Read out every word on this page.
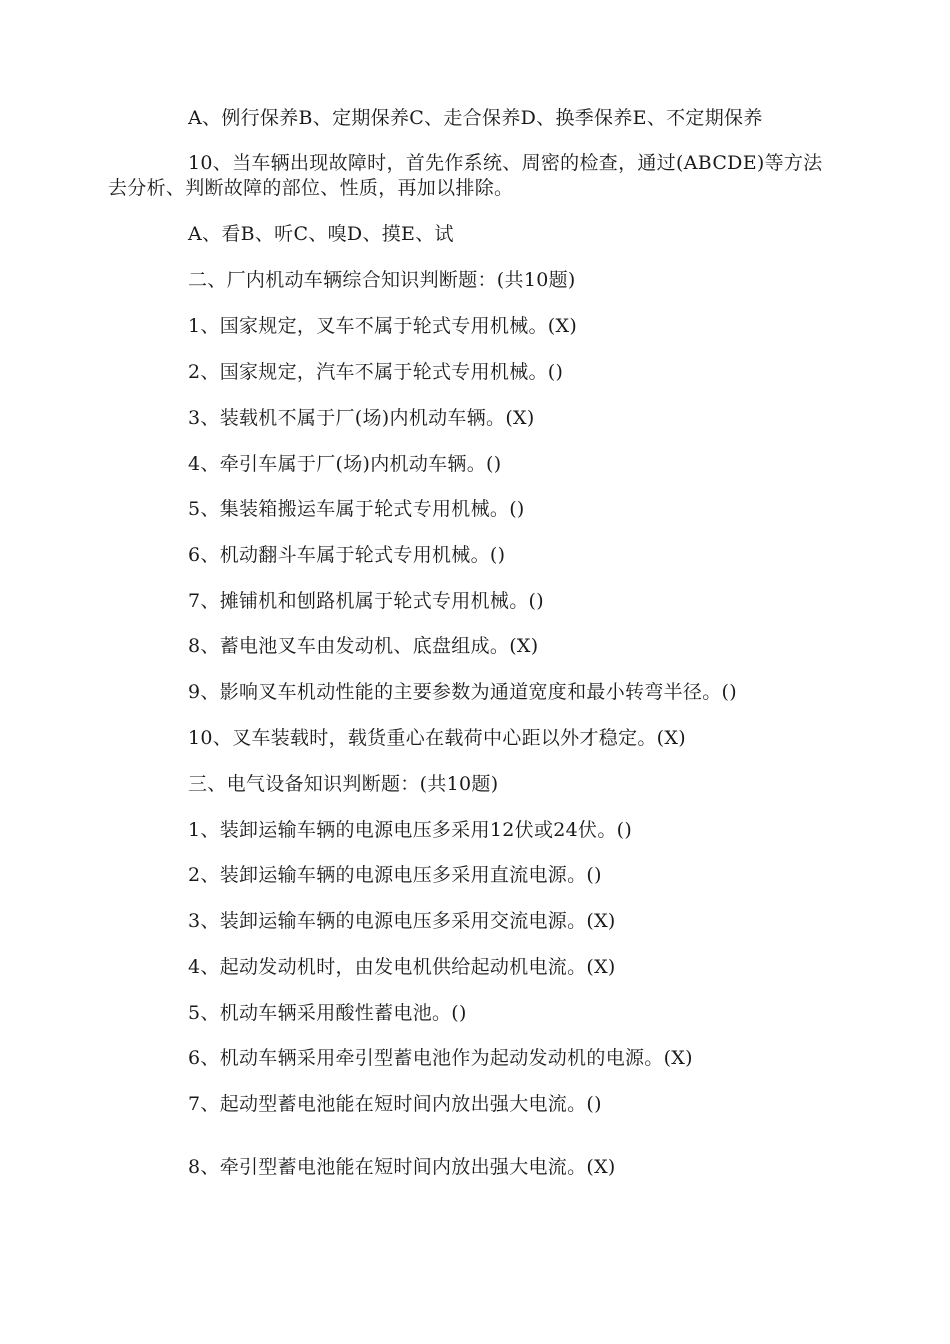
A、例行保养B、定期保养C、走合保养D、换季保养E、不定期保养
10、当车辆出现故障时，首先作系统、周密的检查，通过(ABCDE)等方法去分析、判断故障的部位、性质，再加以排除。
A、看B、听C、嗅D、摸E、试
二、厂内机动车辆综合知识判断题：(共10题)
1、国家规定，叉车不属于轮式专用机械。(X)
2、国家规定，汽车不属于轮式专用机械。()
3、装载机不属于厂(场)内机动车辆。(X)
4、牵引车属于厂(场)内机动车辆。()
5、集装箱搬运车属于轮式专用机械。()
6、机动翻斗车属于轮式专用机械。()
7、摊铺机和刨路机属于轮式专用机械。()
8、蓄电池叉车由发动机、底盘组成。(X)
9、影响叉车机动性能的主要参数为通道宽度和最小转弯半径。()
10、叉车装载时，载货重心在载荷中心距以外才稳定。(X)
三、电气设备知识判断题：(共10题)
1、装卸运输车辆的电源电压多采用12伏或24伏。()
2、装卸运输车辆的电源电压多采用直流电源。()
3、装卸运输车辆的电源电压多采用交流电源。(X)
4、起动发动机时，由发电机供给起动机电流。(X)
5、机动车辆采用酸性蓄电池。()
6、机动车辆采用牵引型蓄电池作为起动发动机的电源。(X)
7、起动型蓄电池能在短时间内放出强大电流。()
8、牵引型蓄电池能在短时间内放出强大电流。(X)
